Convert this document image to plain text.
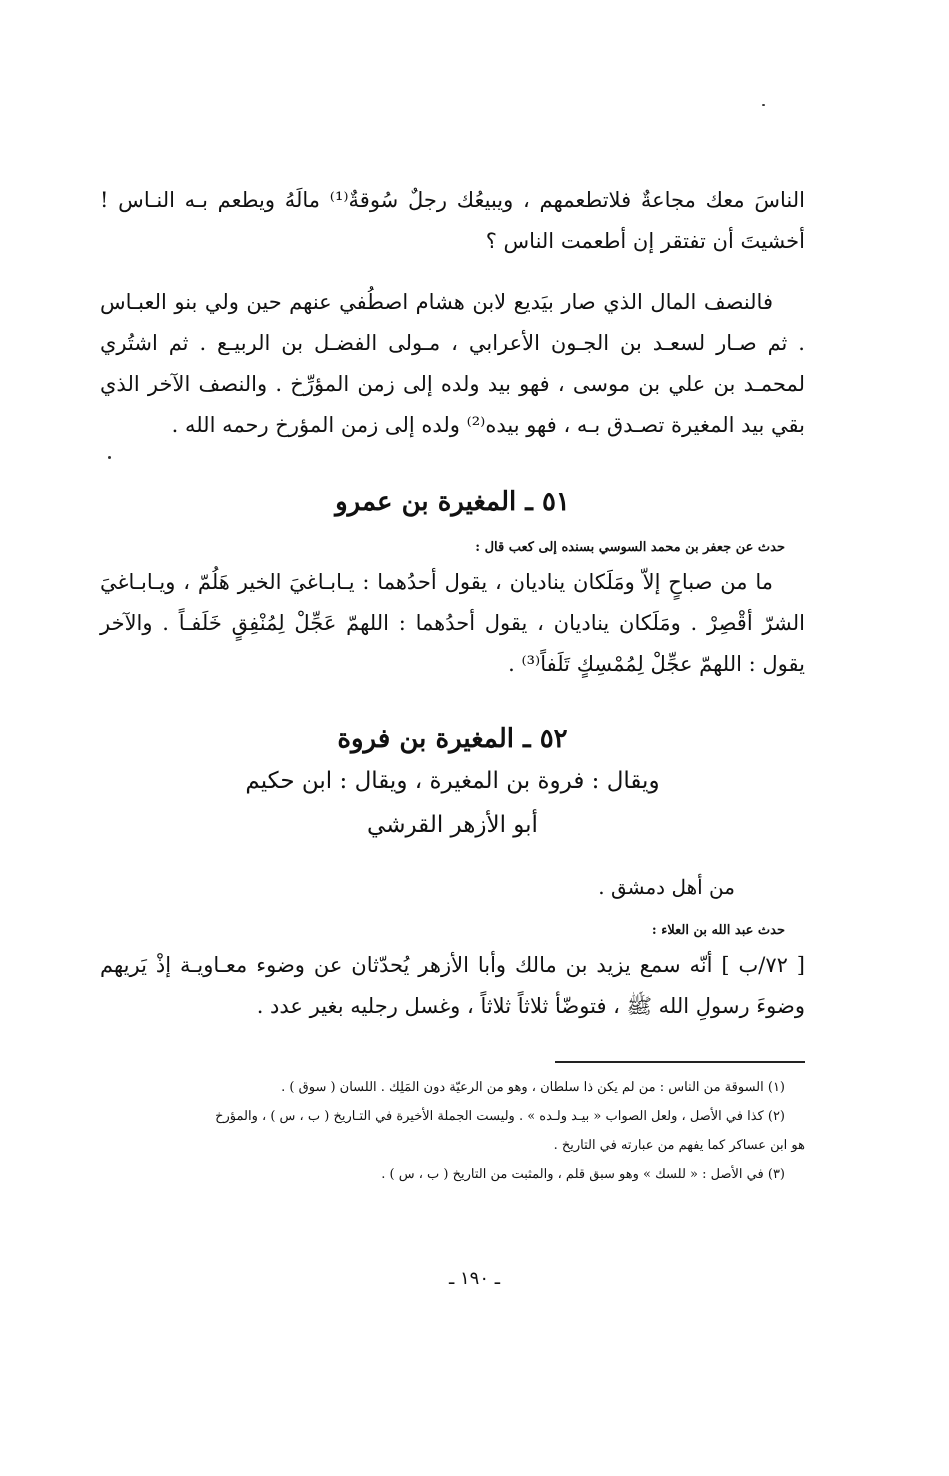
الناسَ معك مجاعةٌ فلاتطعمهم ، ويبيعُك رجلٌ سُوقةٌ⁽¹⁾ مالَهُ ويطعم بـه النـاس ! أخشيتَ أن تفتقر إن أطعمت الناس ؟

فالنصف المال الذي صار بيَديع لابن هشام اصطُفي عنهم حين ولي بنو العبـاس . ثم صـار لسعـد بن الجـون الأعرابي ، مـولى الفضـل بن الربيـع . ثم اشتُري لمحمـد بن علي بن موسى ، فهو بيد ولده إلى زمن المؤرِّخ . والنصف الآخر الذي بقي بيد المغيرة تصـدق بـه ، فهو بيده⁽²⁾ ولده إلى زمن المؤرخ رحمه الله .

٥١ ـ المغيرة بن عمرو

حدث عن جعفر بن محمد السوسي بسنده إلى كعب قال :

ما من صباحٍ إلاّ ومَلَكان يناديان ، يقول أحدُهما : يـابـاغيَ الخير هَلُمّ ، ويـابـاغيَ الشرّ أقْصِرْ . ومَلَكان يناديان ، يقول أحدُهما : اللهمّ عَجِّلْ لِمُنْفِقٍ خَلَفـاً . والآخر يقول : اللهمّ عجِّلْ لِمُمْسِكٍ تَلَفاً⁽³⁾ .

٥٢ ـ المغيرة بن فروة

ويقال : فروة بن المغيرة ، ويقال : ابن حكيم

أبو الأزهر القرشي

من أهل دمشق .

حدث عبد الله بن العلاء :

[ ٧٢/ب ] أنّه سمع يزيد بن مالك وأبا الأزهر يُحدّثان عن وضوء معـاويـة إذْ يَريهم وضوءَ رسولِ الله ﷺ ، فتوضّأ ثلاثاً ثلاثاً ، وغسل رجليه بغير عدد .

(١) السوقة من الناس : من لم يكن ذا سلطان ، وهو من الرعيّة دون المَلِك . اللسان ( سوق ) .

(٢) كذا في الأصل ، ولعل الصواب « بيـد ولـده » . وليست الجملة الأخيرة في التـاريخ ( ب ، س ) ، والمؤرخ

هو ابن عساكر كما يفهم من عبارته في التاريخ .

(٣) في الأصل : « للسك » وهو سبق قلم ، والمثبت من التاريخ ( ب ، س ) .

ـ ١٩٠ ـ
